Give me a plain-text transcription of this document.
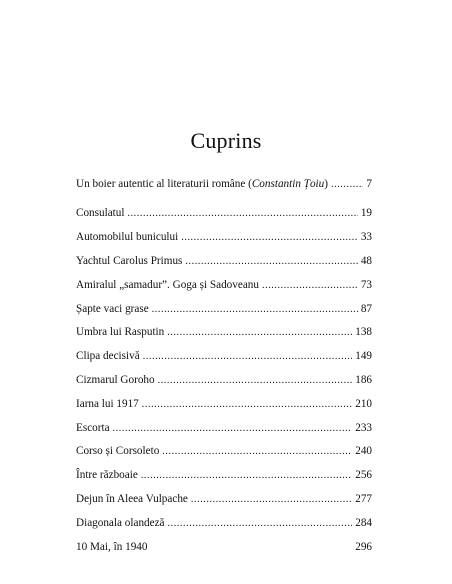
Cuprins
Un boier autentic al literaturii române (Constantin Țoiu) .....	7
Consulatul .....	19
Automobilul bunicului .....	33
Yachtul Carolus Primus .....	48
Amiralul „samadur”. Goga și Sadoveanu .....	73
Șapte vaci grase .....	87
Umbra lui Rasputin .....	138
Clipa decisivă .....	149
Cizmarul Goroho .....	186
Iarna lui 1917 .....	210
Escorta .....	233
Corso și Corsoleto .....	240
Între războaie .....	256
Dejun în Aleea Vulpache .....	277
Diagonala olandeză .....	284
10 Mai, în 1940	296
